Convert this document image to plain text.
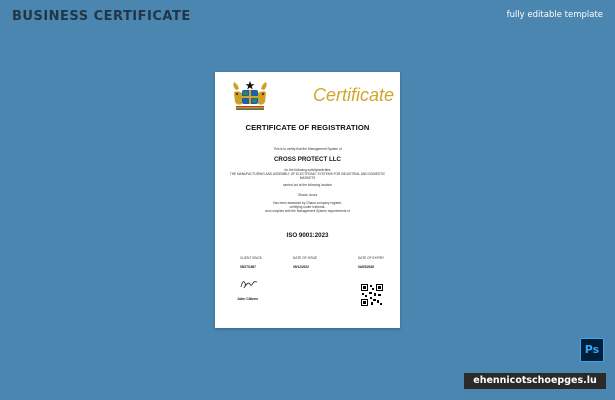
BUSINESS CERTIFICATE	fully editable template
Certificate
CERTIFICATE OF REGISTRATION
This is to certify that the Management System of
CROSS PROTECT LLC
for the following activity/activities
THE MANUFACTURING AND ASSEMBLY OF ELECTRONIC SYSTEMS FOR INDUSTRIAL AND DOMESTIC MARKETS
carried out at the following location
Ghana, Accra
Has been assessed by Ghana company register,
certifying under Icebreak,
and complies with the Management System requirements of
ISO 9001:2023
CLIENT SINCE
05/27/1987
DATE OF ISSUE
09/12/2022
DATE OF EXPIRY
04/05/2028
John Citizen
Ps
ehennicotschoepges.lu
